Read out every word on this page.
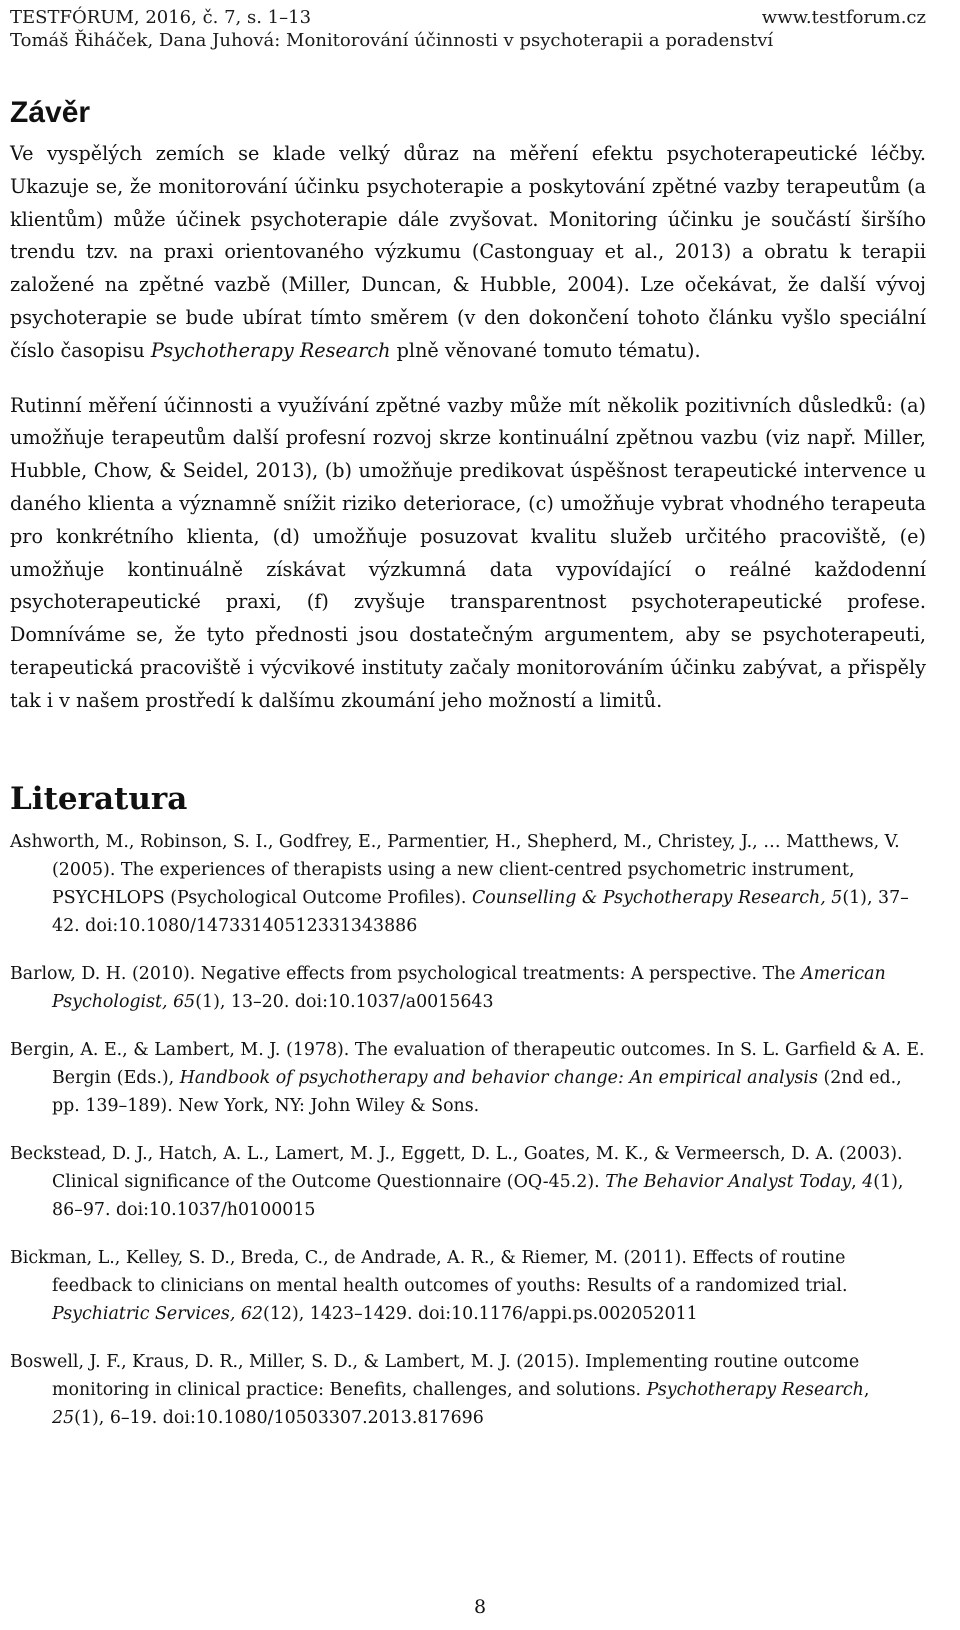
TESTFÓRUM, 2016, č. 7, s. 1–13	www.testforum.cz
Tomáš Řiháček, Dana Juhová: Monitorování účinnosti v psychoterapii a poradenství
Závěr

Ve vyspělých zemích se klade velký důraz na měření efektu psychoterapeutické léčby. Ukazuje se, že monitorování účinku psychoterapie a poskytování zpětné vazby terapeutům (a klientům) může účinek psychoterapie dále zvyšovat. Monitoring účinku je součástí širšího trendu tzv. na praxi orientovaného výzkumu (Castonguay et al., 2013) a obratu k terapii založené na zpětné vazbě (Miller, Duncan, & Hubble, 2004). Lze očekávat, že další vývoj psychoterapie se bude ubírat tímto směrem (v den dokončení tohoto článku vyšlo speciální číslo časopisu Psychotherapy Research plně věnované tomuto tématu).

Rutinní měření účinnosti a využívání zpětné vazby může mít několik pozitivních důsledků: (a) umožňuje terapeutům další profesní rozvoj skrze kontinuální zpětnou vazbu (viz např. Miller, Hubble, Chow, & Seidel, 2013), (b) umožňuje predikovat úspěšnost terapeutické intervence u daného klienta a významně snížit riziko deteriorace, (c) umožňuje vybrat vhodného terapeuta pro konkrétního klienta, (d) umožňuje posuzovat kvalitu služeb určitého pracoviště, (e) umožňuje kontinuálně získávat výzkumná data vypovídající o reálné každodenní psychoterapeutické praxi, (f) zvyšuje transparentnost psychoterapeutické profese. Domníváme se, že tyto přednosti jsou dostatečným argumentem, aby se psychoterapeuti, terapeutická pracoviště i výcvikové instituty začaly monitorováním účinku zabývat, a přispěly tak i v našem prostředí k dalšímu zkoumání jeho možností a limitů.

Literatura

Ashworth, M., Robinson, S. I., Godfrey, E., Parmentier, H., Shepherd, M., Christey, J., … Matthews, V. (2005). The experiences of therapists using a new client-centred psychometric instrument, PSYCHLOPS (Psychological Outcome Profiles). Counselling & Psychotherapy Research, 5(1), 37–42. doi:10.1080/14733140512331343886

Barlow, D. H. (2010). Negative effects from psychological treatments: A perspective. The American Psychologist, 65(1), 13–20. doi:10.1037/a0015643

Bergin, A. E., & Lambert, M. J. (1978). The evaluation of therapeutic outcomes. In S. L. Garfield & A. E. Bergin (Eds.), Handbook of psychotherapy and behavior change: An empirical analysis (2nd ed., pp. 139–189). New York, NY: John Wiley & Sons.

Beckstead, D. J., Hatch, A. L., Lamert, M. J., Eggett, D. L., Goates, M. K., & Vermeersch, D. A. (2003). Clinical significance of the Outcome Questionnaire (OQ-45.2). The Behavior Analyst Today, 4(1), 86–97. doi:10.1037/h0100015

Bickman, L., Kelley, S. D., Breda, C., de Andrade, A. R., & Riemer, M. (2011). Effects of routine feedback to clinicians on mental health outcomes of youths: Results of a randomized trial. Psychiatric Services, 62(12), 1423–1429. doi:10.1176/appi.ps.002052011

Boswell, J. F., Kraus, D. R., Miller, S. D., & Lambert, M. J. (2015). Implementing routine outcome monitoring in clinical practice: Benefits, challenges, and solutions. Psychotherapy Research, 25(1), 6–19. doi:10.1080/10503307.2013.817696

8
